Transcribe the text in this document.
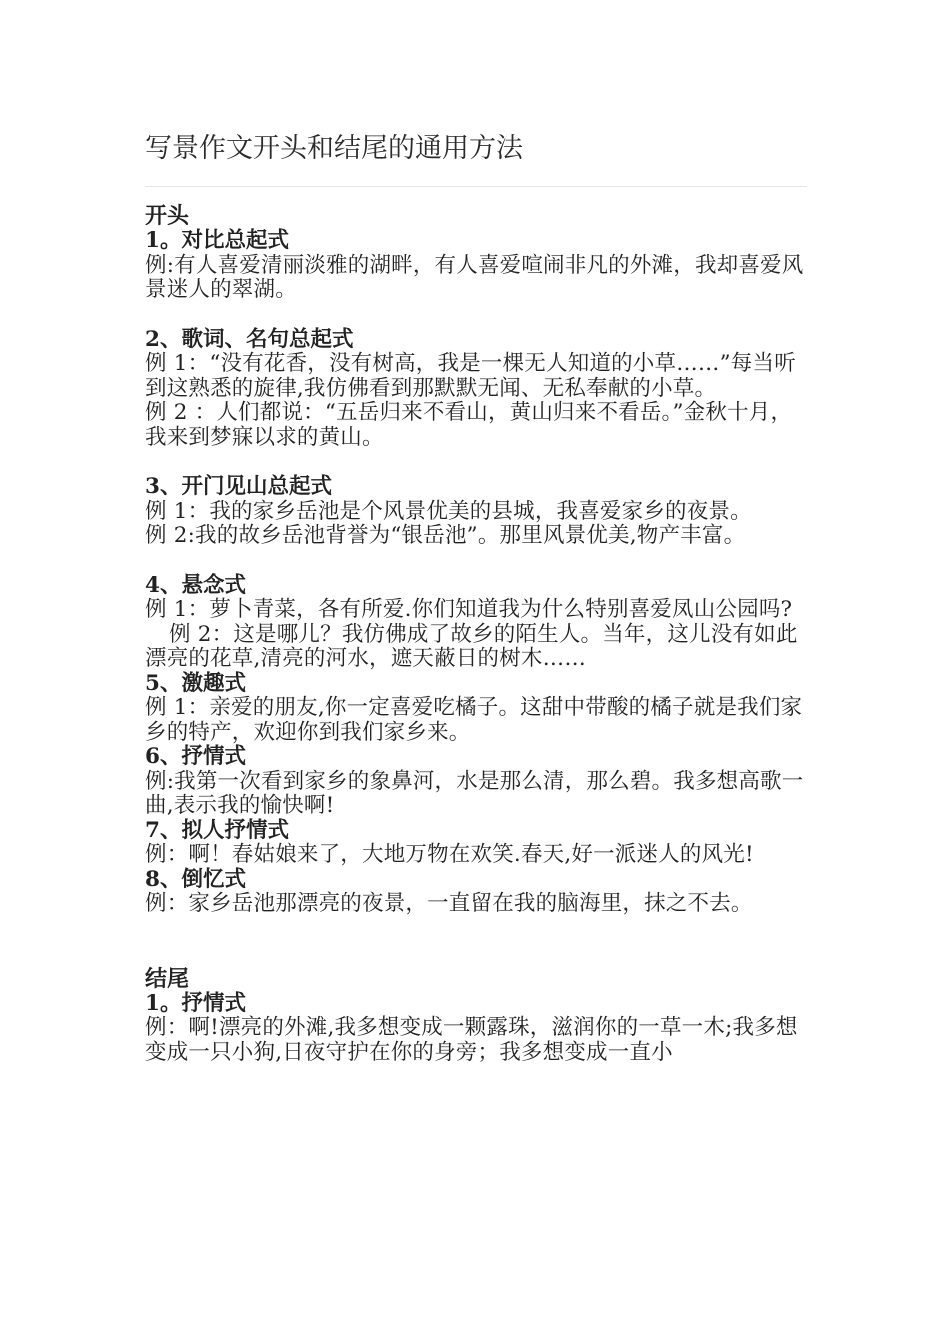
写景作文开头和结尾的通用方法
开头
1。对比总起式

例:有人喜爱清丽淡雅的湖畔，有人喜爱喧闹非凡的外滩，我却喜爱风景迷人的翠湖。

2、歌词、名句总起式

例 1：“没有花香，没有树高，我是一棵无人知道的小草……”每当听到这熟悉的旋律,我仿佛看到那默默无闻、无私奉献的小草。

例 2 ：人们都说：“五岳归来不看山，黄山归来不看岳。”金秋十月，我来到梦寐以求的黄山。

3、开门见山总起式

例 1：我的家乡岳池是个风景优美的县城，我喜爱家乡的夜景。

例 2:我的故乡岳池背誉为“银岳池”。那里风景优美,物产丰富。

4、悬念式

例 1：萝卜青菜，各有所爱.你们知道我为什么特别喜爱凤山公园吗?

例 2：这是哪儿？我仿佛成了故乡的陌生人。当年，这儿没有如此漂亮的花草,清亮的河水，遮天蔽日的树木……

5、激趣式

例 1：亲爱的朋友,你一定喜爱吃橘子。这甜中带酸的橘子就是我们家乡的特产，欢迎你到我们家乡来。

6、抒情式

例:我第一次看到家乡的象鼻河，水是那么清，那么碧。我多想高歌一曲,表示我的愉快啊!

7、拟人抒情式

例：啊！春姑娘来了，大地万物在欢笑.春天,好一派迷人的风光!

8、倒忆式

例：家乡岳池那漂亮的夜景，一直留在我的脑海里，抹之不去。

结尾
1。抒情式

例：啊!漂亮的外滩,我多想变成一颗露珠，滋润你的一草一木;我多想变成一只小狗,日夜守护在你的身旁；我多想变成一直小
